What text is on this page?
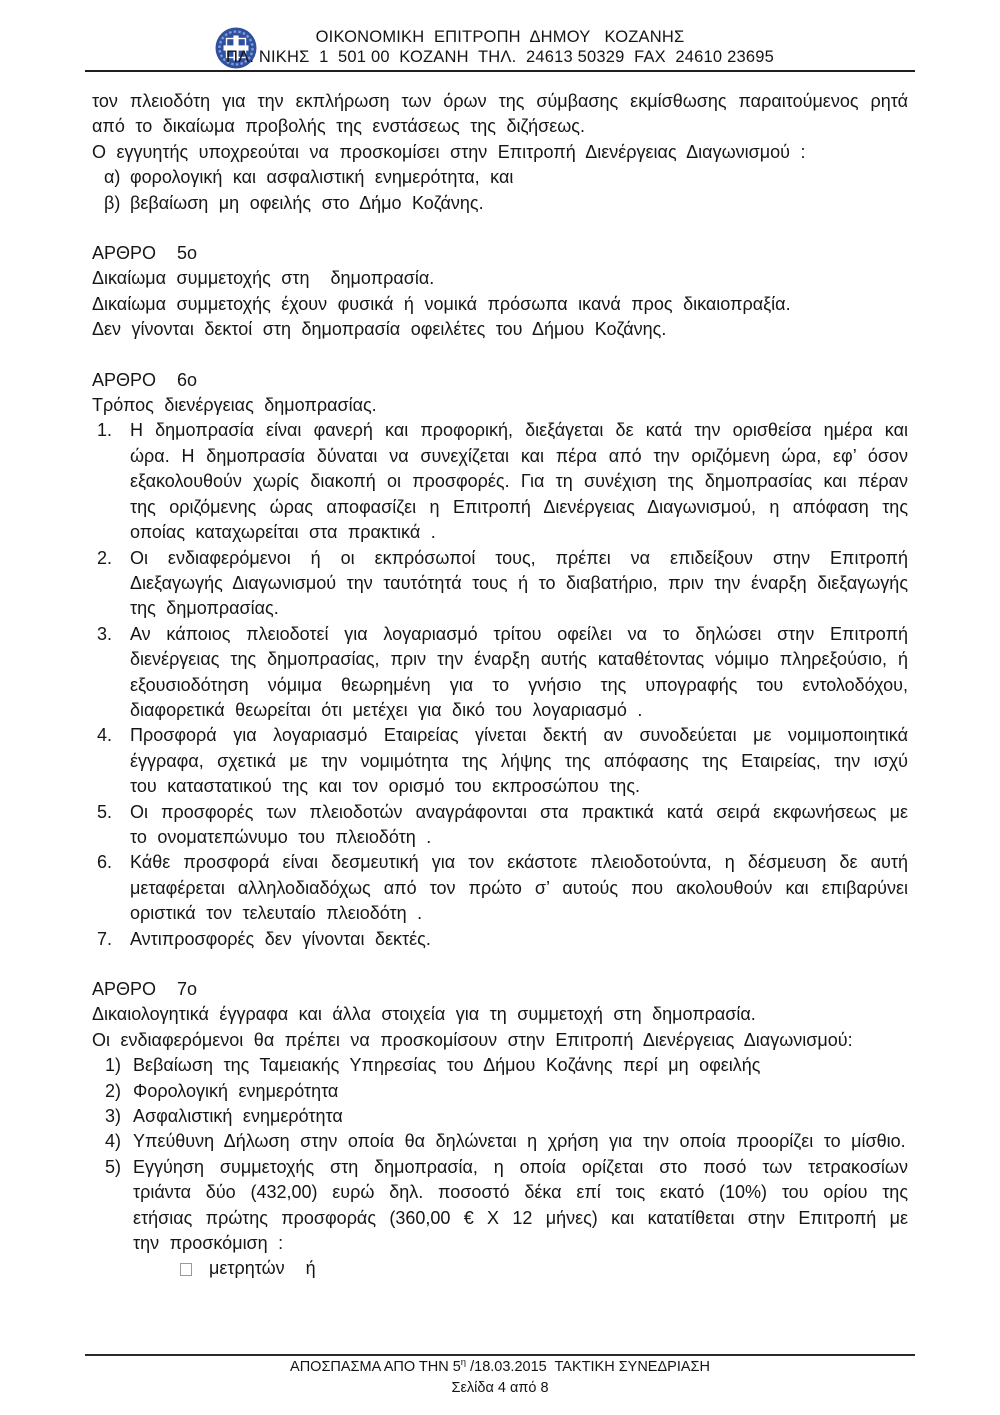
ΟΙΚΟΝΟΜΙΚΗ  ΕΠΙΤΡΟΠΗ  ΔΗΜΟΥ   ΚΟΖΑΝΗΣ
ΠΛ. ΝΙΚΗΣ  1  501 00  ΚΟΖΑΝΗ  ΤΗΛ.  24613 50329  FAX  24610 23695

τον πλειοδότη για την εκπλήρωση των όρων της σύμβασης εκμίσθωσης παραιτούμενος ρητά από το δικαίωμα προβολής της ενστάσεως της διζήσεως.

Ο εγγυητής υποχρεούται να προσκομίσει στην Επιτροπή Διενέργειας Διαγωνισμού :

α) φορολογική και ασφαλιστική ενημερότητα, και
β) βεβαίωση μη οφειλής στο Δήμο Κοζάνης.

ΑΡΘΡΟ  5ο

Δικαίωμα συμμετοχής στη  δημοπρασία.

Δικαίωμα συμμετοχής έχουν φυσικά ή νομικά πρόσωπα ικανά προς δικαιοπραξία.

Δεν γίνονται δεκτοί στη δημοπρασία οφειλέτες του Δήμου Κοζάνης.

ΑΡΘΡΟ  6ο

Τρόπος διενέργειας δημοπρασίας.

1. Η δημοπρασία είναι φανερή και προφορική, διεξάγεται δε κατά την ορισθείσα ημέρα και ώρα. Η δημοπρασία δύναται να συνεχίζεται και πέρα από την οριζόμενη ώρα, εφ’ όσον εξακολουθούν χωρίς διακοπή οι προσφορές. Για τη συνέχιση της δημοπρασίας και πέραν της οριζόμενης ώρας αποφασίζει η Επιτροπή Διενέργειας Διαγωνισμού, η απόφαση της οποίας καταχωρείται στα πρακτικά .
2. Οι ενδιαφερόμενοι ή οι εκπρόσωποί τους, πρέπει να επιδείξουν στην Επιτροπή Διεξαγωγής Διαγωνισμού την ταυτότητά τους ή το διαβατήριο, πριν την έναρξη διεξαγωγής της δημοπρασίας.
3. Αν κάποιος πλειοδοτεί για λογαριασμό τρίτου οφείλει να το δηλώσει στην Επιτροπή διενέργειας της δημοπρασίας, πριν την έναρξη αυτής καταθέτοντας νόμιμο πληρεξούσιο, ή εξουσιοδότηση νόμιμα θεωρημένη για το γνήσιο της υπογραφής του εντολοδόχου, διαφορετικά θεωρείται ότι μετέχει για δικό του λογαριασμό .
4. Προσφορά για λογαριασμό Εταιρείας γίνεται δεκτή αν συνοδεύεται με νομιμοποιητικά έγγραφα, σχετικά με την νομιμότητα της λήψης της απόφασης της Εταιρείας, την ισχύ του καταστατικού της και τον ορισμό του εκπροσώπου της.
5. Οι προσφορές των πλειοδοτών αναγράφονται στα πρακτικά κατά σειρά εκφωνήσεως με το ονοματεπώνυμο του πλειοδότη .
6. Κάθε προσφορά είναι δεσμευτική για τον εκάστοτε πλειοδοτούντα, η δέσμευση δε αυτή μεταφέρεται αλληλοδιαδόχως από τον πρώτο σ’ αυτούς που ακολουθούν και επιβαρύνει οριστικά τον τελευταίο πλειοδότη .
7. Αντιπροσφορές δεν γίνονται δεκτές.

ΑΡΘΡΟ  7ο

Δικαιολογητικά έγγραφα και άλλα στοιχεία για τη συμμετοχή στη δημοπρασία.

Οι ενδιαφερόμενοι θα πρέπει να προσκομίσουν στην Επιτροπή Διενέργειας Διαγωνισμού:

1) Βεβαίωση της Ταμειακής Υπηρεσίας του Δήμου Κοζάνης περί μη οφειλής
2) Φορολογική ενημερότητα
3) Ασφαλιστική ενημερότητα
4) Υπεύθυνη Δήλωση στην οποία θα δηλώνεται η χρήση για την οποία προορίζει το μίσθιο.
5) Εγγύηση συμμετοχής στη δημοπρασία, η οποία ορίζεται στο ποσό των τετρακοσίων τριάντα δύο (432,00) ευρώ δηλ. ποσοστό δέκα επί τοις εκατό (10%) του ορίου της ετήσιας πρώτης προσφοράς (360,00 € X 12 μήνες) και κατατίθεται στην Επιτροπή με την προσκόμιση :
μετρητών  ή
ΑΠΟΣΠΑΣΜΑ ΑΠΟ ΤΗΝ $5^\eta$ /18.03.2015  ΤΑΚΤΙΚΗ ΣΥΝΕΔΡΙΑΣΗ
Σελίδα 4 από 8
